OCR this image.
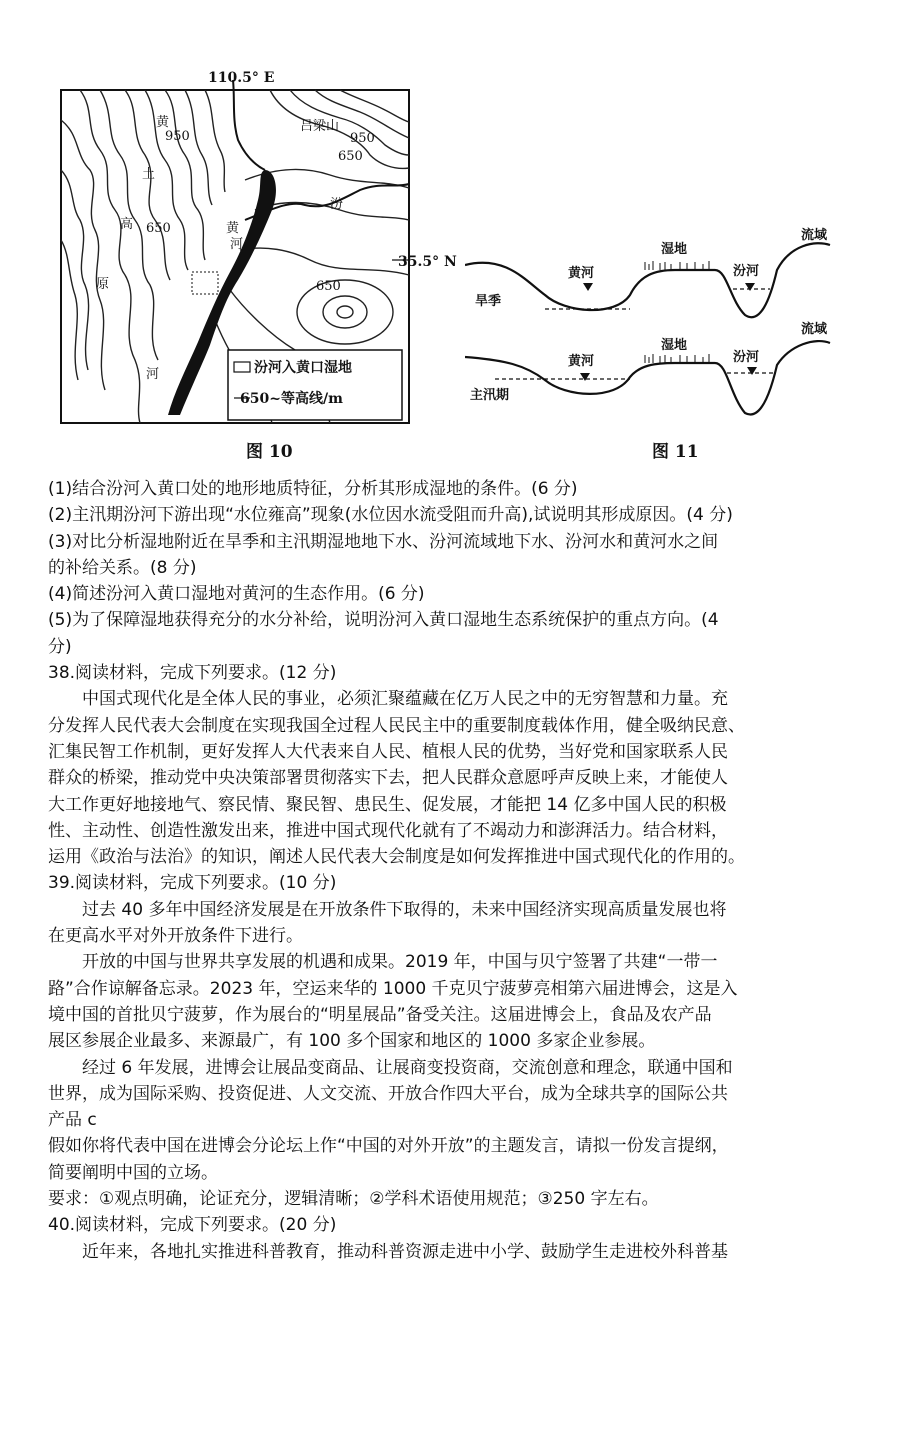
110.5° E
35.5° N
黄
土
高
原
吕梁山
汾
黄
河
河
950	950
650
650
650
汾河入黄口湿地
650~等高线/m
图 10
旱季
黄河
湿地
汾河
流域
主汛期
黄河
湿地
汾河
流域
图 11
(1)结合汾河入黄口处的地形地质特征，分析其形成湿地的条件。(6 分)
(2)主汛期汾河下游出现“水位雍高”现象(水位因水流受阻而升高),试说明其形成原因。(4 分)
(3)对比分析湿地附近在旱季和主汛期湿地地下水、汾河流域地下水、汾河水和黄河水之间
的补给关系。(8 分)
(4)简述汾河入黄口湿地对黄河的生态作用。(6 分)
(5)为了保障湿地获得充分的水分补给，说明汾河入黄口湿地生态系统保护的重点方向。(4
分)
38.阅读材料，完成下列要求。(12 分)
中国式现代化是全体人民的事业，必须汇聚蕴藏在亿万人民之中的无穷智慧和力量。充
分发挥人民代表大会制度在实现我国全过程人民民主中的重要制度载体作用，健全吸纳民意、
汇集民智工作机制，更好发挥人大代表来自人民、植根人民的优势，当好党和国家联系人民
群众的桥梁，推动党中央决策部署贯彻落实下去，把人民群众意愿呼声反映上来，才能使人
大工作更好地接地气、察民情、聚民智、患民生、促发展，才能把 14 亿多中国人民的积极
性、主动性、创造性激发出来，推进中国式现代化就有了不竭动力和澎湃活力。结合材料，
运用《政治与法治》的知识，阐述人民代表大会制度是如何发挥推进中国式现代化的作用的。
39.阅读材料，完成下列要求。(10 分)
过去 40 多年中国经济发展是在开放条件下取得的，未来中国经济实现高质量发展也将
在更高水平对外开放条件下进行。
开放的中国与世界共享发展的机遇和成果。2019 年，中国与贝宁签署了共建“一带一
路”合作谅解备忘录。2023 年，空运来华的 1000 千克贝宁菠萝亮相第六届进博会，这是入
境中国的首批贝宁菠萝，作为展台的“明星展品”备受关注。这届进博会上，食品及农产品
展区参展企业最多、来源最广，有 100 多个国家和地区的 1000 多家企业参展。
经过 6 年发展，进博会让展品变商品、让展商变投资商，交流创意和理念，联通中国和
世界，成为国际采购、投资促进、人文交流、开放合作四大平台，成为全球共享的国际公共
产品 c
假如你将代表中国在进博会分论坛上作“中国的对外开放”的主题发言，请拟一份发言提纲，
简要阐明中国的立场。
要求：①观点明确，论证充分，逻辑清晰；②学科术语使用规范；③250 字左右。
40.阅读材料，完成下列要求。(20 分)
近年来，各地扎实推进科普教育，推动科普资源走进中小学、鼓励学生走进校外科普基
